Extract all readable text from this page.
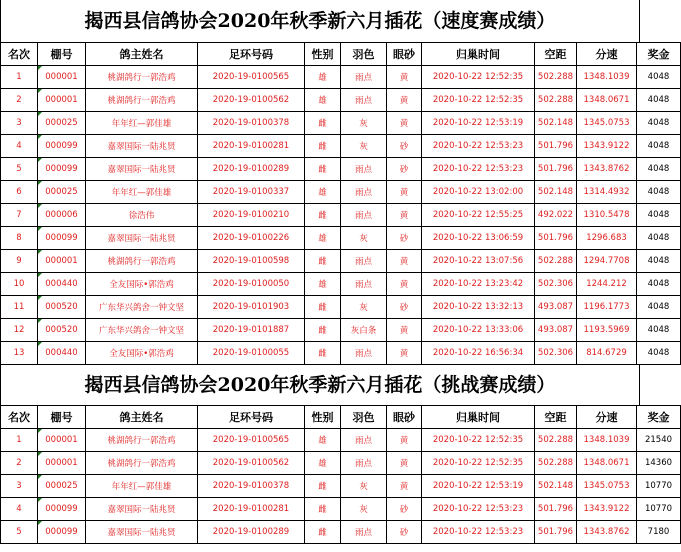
揭西县信鸽协会2020年秋季新六月插花（速度赛成绩）
名次	棚号	鸽主姓名	足环号码	性别	羽色	眼砂	归巢时间	空距	分速	奖金
1	000001	桃湖鸽行一郭浩鸡	2020-19-0100565	雄	雨点	黄	2020-10-22 12:52:35	502.288	1348.1039	4048
2	000001	桃湖鸽行一郭浩鸡	2020-19-0100562	雄	雨点	黄	2020-10-22 12:52:35	502.288	1348.0671	4048
3	000025	年年红—郭佳雄	2020-19-0100378	雌	灰	黄	2020-10-22 12:53:19	502.148	1345.0753	4048
4	000099	嘉翠国际一陆兆贤	2020-19-0100281	雌	灰	砂	2020-10-22 12:53:23	501.796	1343.9122	4048
5	000099	嘉翠国际一陆兆贤	2020-19-0100289	雌	雨点	砂	2020-10-22 12:53:23	501.796	1343.8762	4048
6	000025	年年红—郭佳雄	2020-19-0100337	雄	雨点	黄	2020-10-22 13:02:00	502.148	1314.4932	4048
7	000006	徐浩伟	2020-19-0100210	雌	雨点	黄	2020-10-22 12:55:25	492.022	1310.5478	4048
8	000099	嘉翠国际一陆兆贤	2020-19-0100226	雄	灰	砂	2020-10-22 13:06:59	501.796	1296.683	4048
9	000001	桃湖鸽行一郭浩鸡	2020-19-0100598	雌	雨点	黄	2020-10-22 13:07:56	502.288	1294.7708	4048
10	000440	全友国际•郭浩鸡	2020-19-0100050	雄	雨点	黄	2020-10-22 13:23:42	502.306	1244.212	4048
11	000520	广东华兴鸽舍一钟文坚	2020-19-0101903	雌	灰	砂	2020-10-22 13:32:13	493.087	1196.1773	4048
12	000520	广东华兴鸽舍一钟文坚	2020-19-0101887	雌	灰白条	黄	2020-10-22 13:33:06	493.087	1193.5969	4048
13	000440	全友国际•郭浩鸡	2020-19-0100055	雌	雨点	黄	2020-10-22 16:56:34	502.306	814.6729	4048
揭西县信鸽协会2020年秋季新六月插花（挑战赛成绩）
名次	棚号	鸽主姓名	足环号码	性别	羽色	眼砂	归巢时间	空距	分速	奖金
1	000001	桃湖鸽行一郭浩鸡	2020-19-0100565	雄	雨点	黄	2020-10-22 12:52:35	502.288	1348.1039	21540
2	000001	桃湖鸽行一郭浩鸡	2020-19-0100562	雄	雨点	黄	2020-10-22 12:52:35	502.288	1348.0671	14360
3	000025	年年红—郭佳雄	2020-19-0100378	雌	灰	黄	2020-10-22 12:53:19	502.148	1345.0753	10770
4	000099	嘉翠国际一陆兆贤	2020-19-0100281	雌	灰	砂	2020-10-22 12:53:23	501.796	1343.9122	10770
5	000099	嘉翠国际一陆兆贤	2020-19-0100289	雌	雨点	砂	2020-10-22 12:53:23	501.796	1343.8762	7180
